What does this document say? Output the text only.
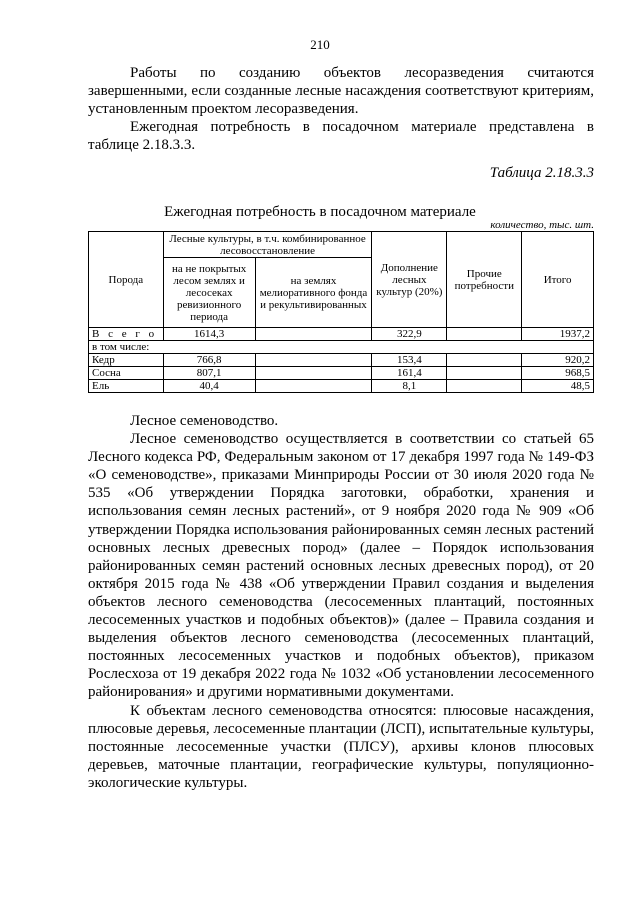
210

Работы по созданию объектов лесоразведения считаются завершенными, если созданные лесные насаждения соответствуют критериям, установленным проектом лесоразведения.

Ежегодная потребность в посадочном материале представлена в таблице 2.18.3.3.

Таблица 2.18.3.3
Ежегодная потребность в посадочном материале
количество, тыс. шт.
Порода	Лесные культуры, в т.ч. комбинированное лесовосстановление		Дополнение лесных культур (20%)	Прочие потребности	Итого
	на не покрытых лесом землях и лесосеках ревизионного периода	на землях мелиоративного фонда и рекультивированных			
В с е г о	1614,3		322,9		1937,2
в том числе:					
Кедр	766,8		153,4		920,2
Сосна	807,1		161,4		968,5
Ель	40,4		8,1		48,5

Лесное семеноводство.

Лесное семеноводство осуществляется в соответствии со статьей 65 Лесного кодекса РФ, Федеральным законом от 17 декабря 1997 года № 149-ФЗ «О семеноводстве», приказами Минприроды России от 30 июля 2020 года № 535 «Об утверждении Порядка заготовки, обработки, хранения и использования семян лесных растений», от 9 ноября 2020 года № 909 «Об утверждении Порядка использования районированных семян лесных растений основных лесных древесных пород» (далее – Порядок использования районированных семян растений основных лесных древесных пород), от 20 октября 2015 года № 438 «Об утверждении Правил создания и выделения объектов лесного семеноводства (лесосеменных плантаций, постоянных лесосеменных участков и подобных объектов)» (далее – Правила создания и выделения объектов лесного семеноводства (лесосеменных плантаций, постоянных лесосеменных участков и подобных объектов), приказом Рослесхоза от 19 декабря 2022 года № 1032 «Об установлении лесосеменного районирования» и другими нормативными документами.

К объектам лесного семеноводства относятся: плюсовые насаждения, плюсовые деревья, лесосеменные плантации (ЛСП), испытательные культуры, постоянные лесосеменные участки (ПЛСУ), архивы клонов плюсовых деревьев, маточные плантации, географические культуры, популяционно-экологические культуры.
